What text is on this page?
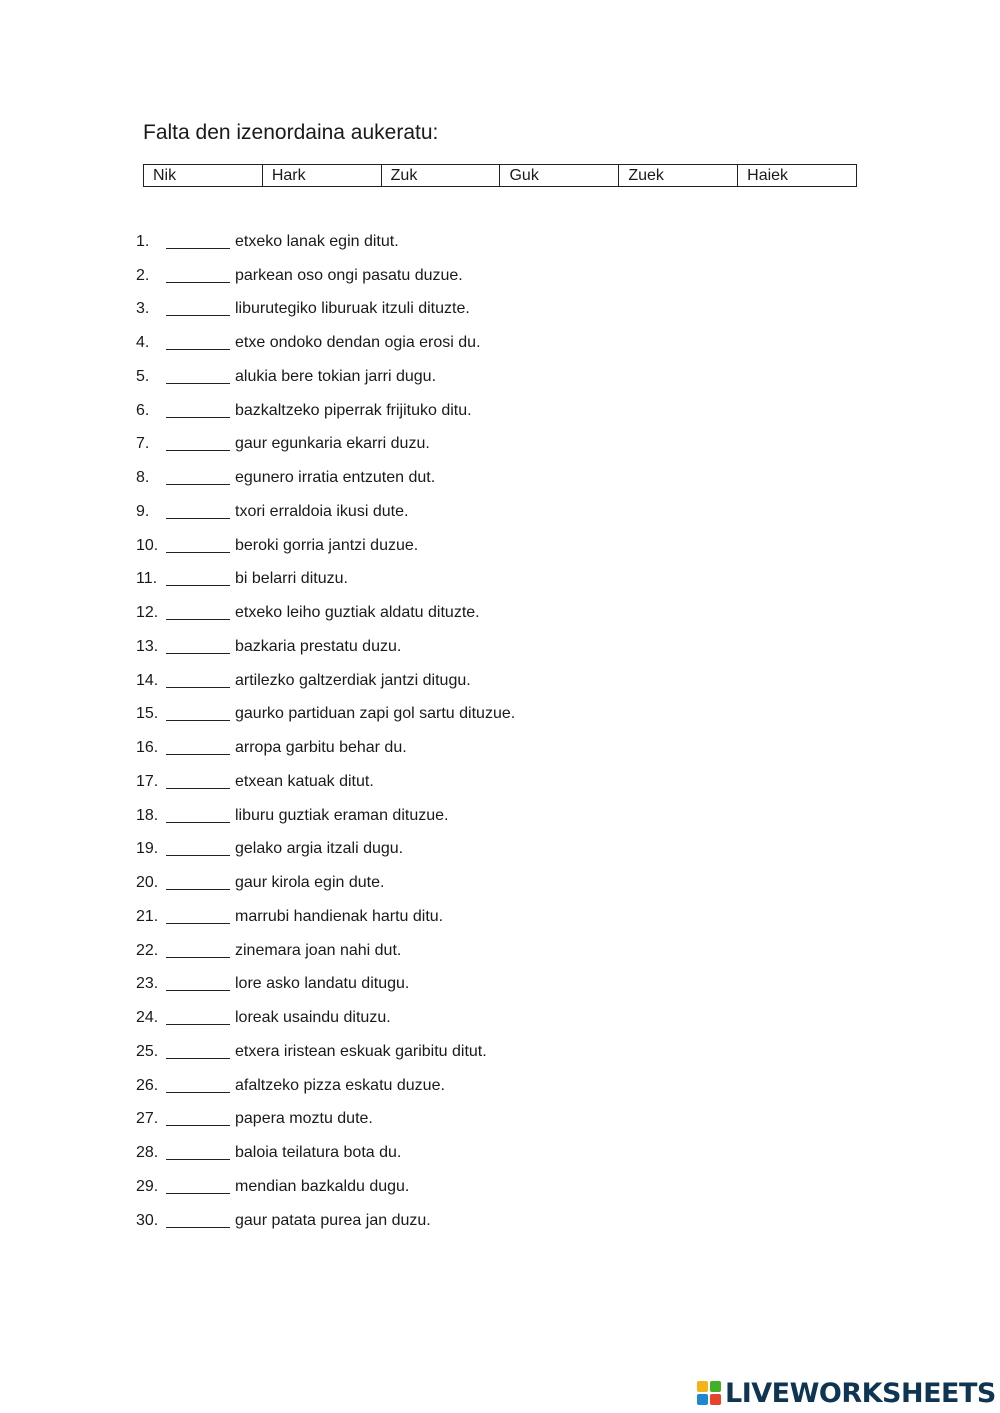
Falta den izenordaina aukeratu:
Nik	Hark	Zuk	Guk	Zuek	Haiek
1.	etxeko lanak egin ditut.
2.	parkean oso ongi pasatu duzue.
3.	liburutegiko liburuak itzuli dituzte.
4.	etxe ondoko dendan ogia erosi du.
5.	alukia bere tokian jarri dugu.
6.	bazkaltzeko piperrak frijituko ditu.
7.	gaur egunkaria ekarri duzu.
8.	egunero irratia entzuten dut.
9.	txori erraldoia ikusi dute.
10.	beroki gorria jantzi duzue.
11.	bi belarri dituzu.
12.	etxeko leiho guztiak aldatu dituzte.
13.	bazkaria prestatu duzu.
14.	artilezko galtzerdiak jantzi ditugu.
15.	gaurko partiduan zapi gol sartu dituzue.
16.	arropa garbitu behar du.
17.	etxean katuak ditut.
18.	liburu guztiak eraman dituzue.
19.	gelako argia itzali dugu.
20.	gaur kirola egin dute.
21.	marrubi handienak hartu ditu.
22.	zinemara joan nahi dut.
23.	lore asko landatu ditugu.
24.	loreak usaindu dituzu.
25.	etxera iristean eskuak garibitu ditut.
26.	afaltzeko pizza eskatu duzue.
27.	papera moztu dute.
28.	baloia teilatura bota du.
29.	mendian bazkaldu dugu.
30.	gaur patata purea jan duzu.
LIVEWORKSHEETS
